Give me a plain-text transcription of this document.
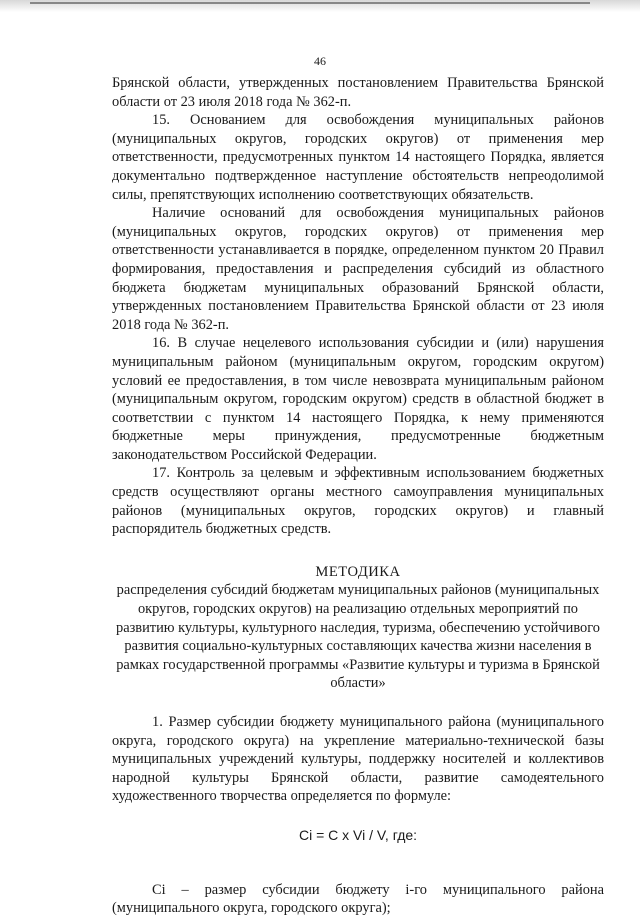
46

Брянской области, утвержденных постановлением Правительства Брянской области от 23 июля 2018 года № 362-п.

15. Основанием для освобождения муниципальных районов (муниципальных округов, городских округов) от применения мер ответственности, предусмотренных пунктом 14 настоящего Порядка, является документально подтвержденное наступление обстоятельств непреодолимой силы, препятствующих исполнению соответствующих обязательств.

Наличие оснований для освобождения муниципальных районов (муниципальных округов, городских округов) от применения мер ответственности устанавливается в порядке, определенном пунктом 20 Правил формирования, предоставления и распределения субсидий из областного бюджета бюджетам муниципальных образований Брянской области, утвержденных постановлением Правительства Брянской области от 23 июля 2018 года № 362-п.

16. В случае нецелевого использования субсидии и (или) нарушения муниципальным районом (муниципальным округом, городским округом) условий ее предоставления, в том числе невозврата муниципальным районом (муниципальным округом, городским округом) средств в областной бюджет в соответствии с пунктом 14 настоящего Порядка, к нему применяются бюджетные меры принуждения, предусмотренные бюджетным законодательством Российской Федерации.

17. Контроль за целевым и эффективным использованием бюджетных средств осуществляют органы местного самоуправления муниципальных районов (муниципальных округов, городских округов) и главный распорядитель бюджетных средств.

МЕТОДИКА

распределения субсидий бюджетам муниципальных районов (муниципальных округов, городских округов) на реализацию отдельных мероприятий по развитию культуры, культурного наследия, туризма, обеспечению устойчивого развития социально-культурных составляющих качества жизни населения в рамках государственной программы «Развитие культуры и туризма в Брянской области»

1. Размер субсидии бюджету муниципального района (муниципального округа, городского округа) на укрепление материально-технической базы муниципальных учреждений культуры, поддержку носителей и коллективов народной культуры Брянской области, развитие самодеятельного художественного творчества определяется по формуле:

Ci = C x Vi / V, где:

Ci – размер субсидии бюджету i-го муниципального района (муниципального округа, городского округа);
